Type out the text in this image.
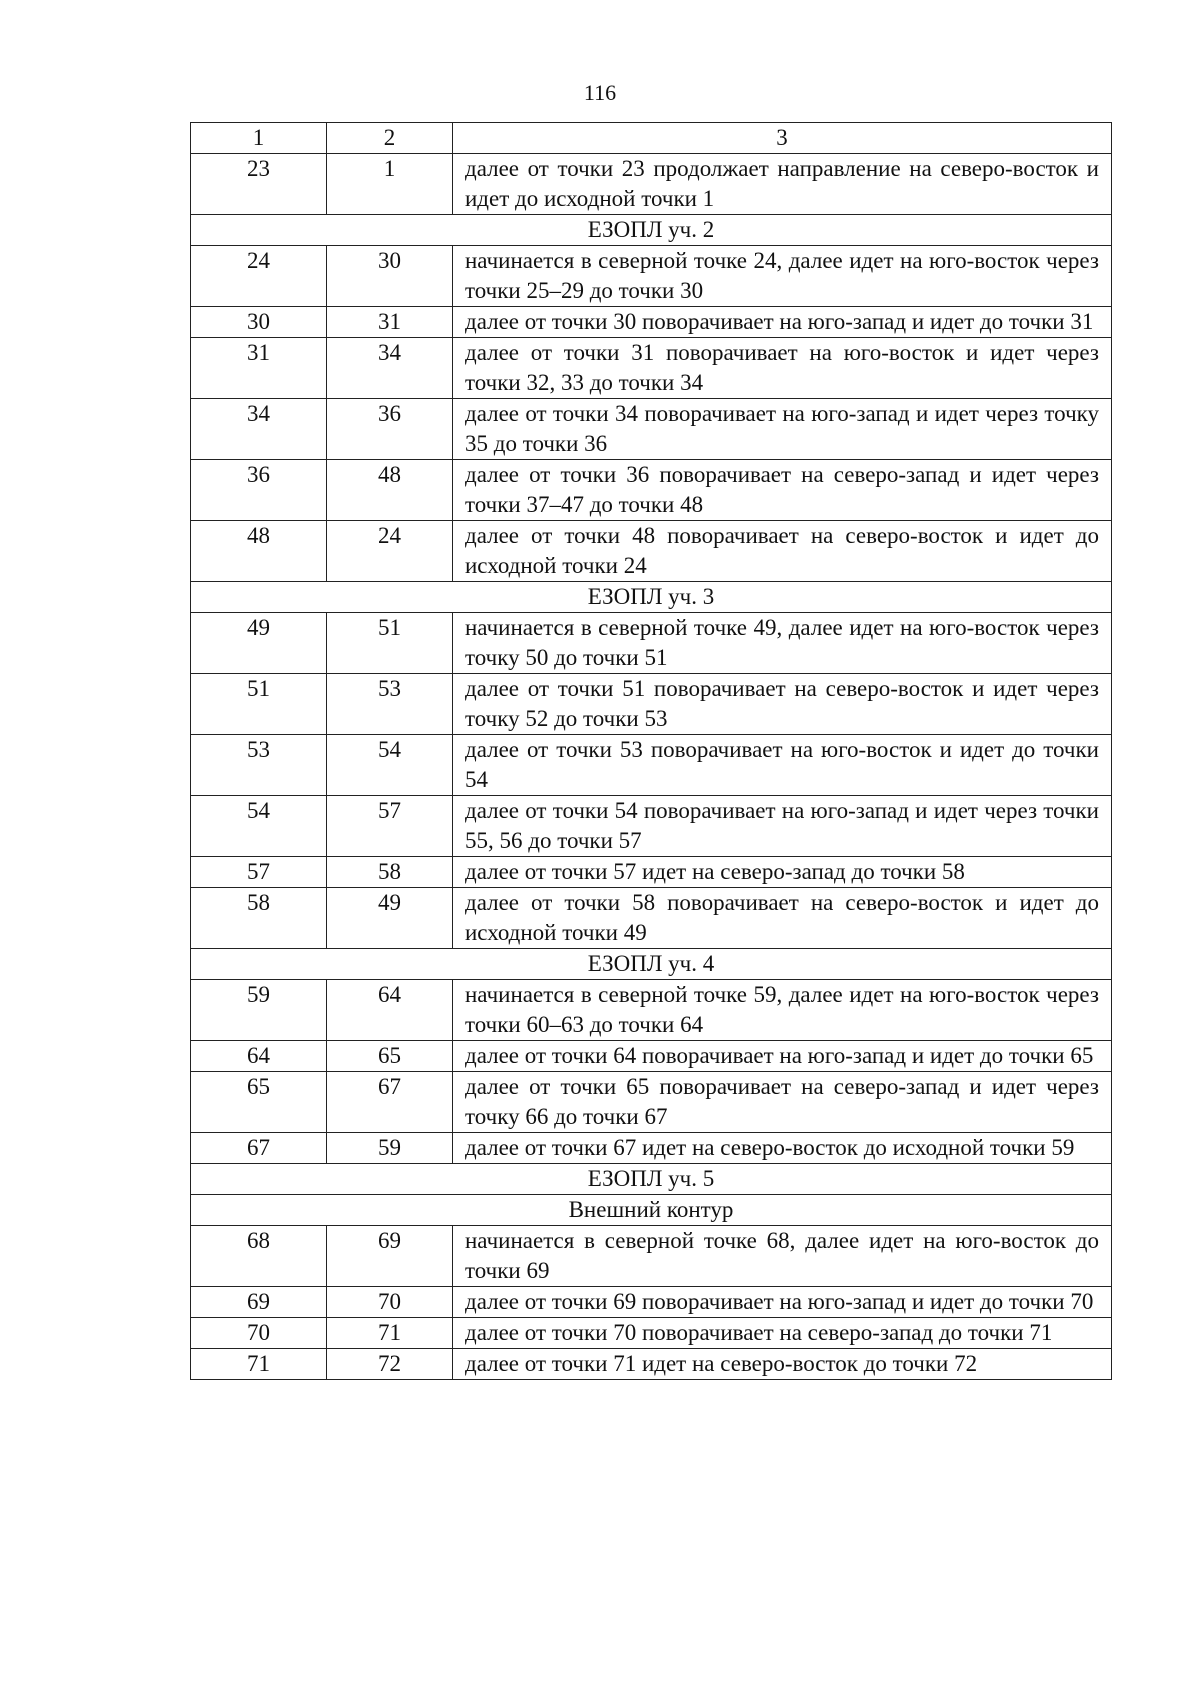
116
1	2	3
23	1	далее от точки 23 продолжает направление на северо-восток и идет до исходной точки 1
ЕЗОПЛ уч. 2		
24	30	начинается в северной точке 24, далее идет на юго-восток через точки 25–29 до точки 30
30	31	далее от точки 30 поворачивает на юго-запад и идет до точки 31
31	34	далее от точки 31 поворачивает на юго-восток и идет через точки 32, 33 до точки 34
34	36	далее от точки 34 поворачивает на юго-запад и идет через точку 35 до точки 36
36	48	далее от точки 36 поворачивает на северо-запад и идет через точки 37–47 до точки 48
48	24	далее от точки 48 поворачивает на северо-восток и идет до исходной точки 24
ЕЗОПЛ уч. 3		
49	51	начинается в северной точке 49, далее идет на юго-восток через точку 50 до точки 51
51	53	далее от точки 51 поворачивает на северо-восток и идет через точку 52 до точки 53
53	54	далее от точки 53 поворачивает на юго-восток и идет до точки 54
54	57	далее от точки 54 поворачивает на юго-запад и идет через точки 55, 56 до точки 57
57	58	далее от точки 57 идет на северо-запад до точки 58
58	49	далее от точки 58 поворачивает на северо-восток и идет до исходной точки 49
ЕЗОПЛ уч. 4		
59	64	начинается в северной точке 59, далее идет на юго-восток через точки 60–63 до точки 64
64	65	далее от точки 64 поворачивает на юго-запад и идет до точки 65
65	67	далее от точки 65 поворачивает на северо-запад и идет через точку 66 до точки 67
67	59	далее от точки 67 идет на северо-восток до исходной точки 59
ЕЗОПЛ уч. 5		
Внешний контур		
68	69	начинается в северной точке 68, далее идет на юго-восток до точки 69
69	70	далее от точки 69 поворачивает на юго-запад и идет до точки 70
70	71	далее от точки 70 поворачивает на северо-запад до точки 71
71	72	далее от точки 71 идет на северо-восток до точки 72
